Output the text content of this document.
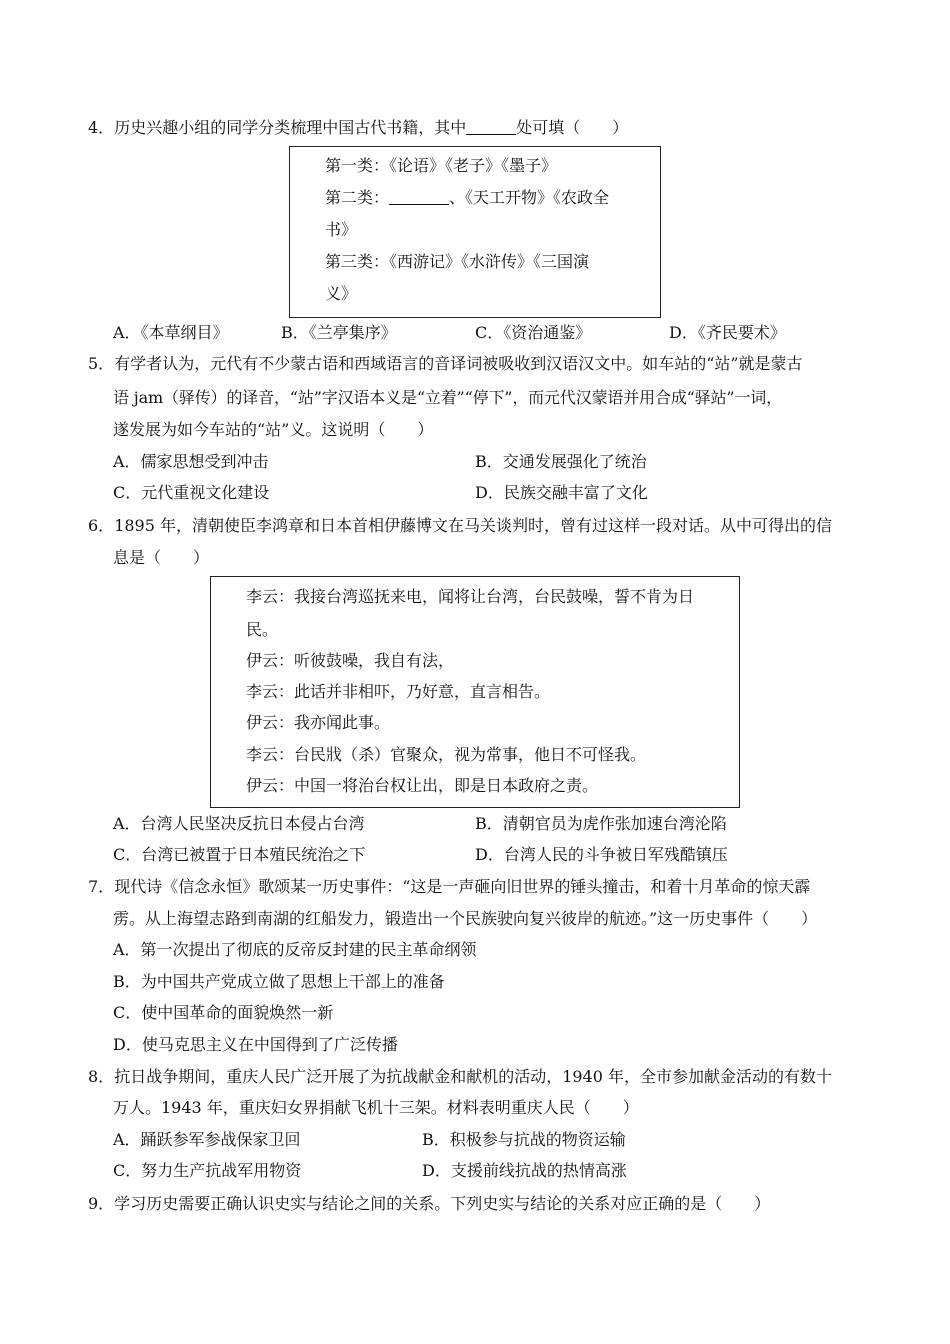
4．历史兴趣小组的同学分类梳理中国古代书籍，其中	处可填（　　）
第一类：《论语》《老子》《墨子》
第二类：	、《天工开物》《农政全
书》
第三类：《西游记》《水浒传》《三国演
义》
A．《本草纲目》	B．《兰亭集序》	C．《资治通鉴》	D．《齐民要术》
5．有学者认为，元代有不少蒙古语和西域语言的音译词被吸收到汉语汉文中。如车站的“站”就是蒙古
语 jam（驿传）的译音，“站”字汉语本义是“立着”“停下”，而元代汉蒙语并用合成“驿站”一词，
遂发展为如今车站的“站”义。这说明（　　）
A．儒家思想受到冲击	B．交通发展强化了统治
C．元代重视文化建设	D．民族交融丰富了文化
6．1895 年，清朝使臣李鸿章和日本首相伊藤博文在马关谈判时，曾有过这样一段对话。从中可得出的信
息是（　　）
李云：我接台湾巡抚来电，闻将让台湾，台民鼓噪，誓不肯为日
民。
伊云：听彼鼓噪，我自有法，
李云：此话并非相吓，乃好意，直言相告。
伊云：我亦闻此事。
李云：台民戕（杀）官聚众，视为常事，他日不可怪我。
伊云：中国一将治台权让出，即是日本政府之责。
A．台湾人民坚决反抗日本侵占台湾	B．清朝官员为虎作张加速台湾沦陷
C．台湾已被置于日本殖民统治之下	D．台湾人民的斗争被日军残酷镇压
7．现代诗《信念永恒》歌颂某一历史事件：“这是一声砸向旧世界的锤头撞击，和着十月革命的惊天霹
雳。从上海望志路到南湖的红船发力，锻造出一个民族驶向复兴彼岸的航迹。”这一历史事件（　　）
A．第一次提出了彻底的反帝反封建的民主革命纲领
B．为中国共产党成立做了思想上干部上的准备
C．使中国革命的面貌焕然一新
D．使马克思主义在中国得到了广泛传播
8．抗日战争期间，重庆人民广泛开展了为抗战献金和献机的活动，1940 年，全市参加献金活动的有数十
万人。1943 年，重庆妇女界捐献飞机十三架。材料表明重庆人民（　　）
A．踊跃参军参战保家卫回	B．积极参与抗战的物资运输
C．努力生产抗战军用物资	D．支援前线抗战的热情高涨
9．学习历史需要正确认识史实与结论之间的关系。下列史实与结论的关系对应正确的是（　　）
